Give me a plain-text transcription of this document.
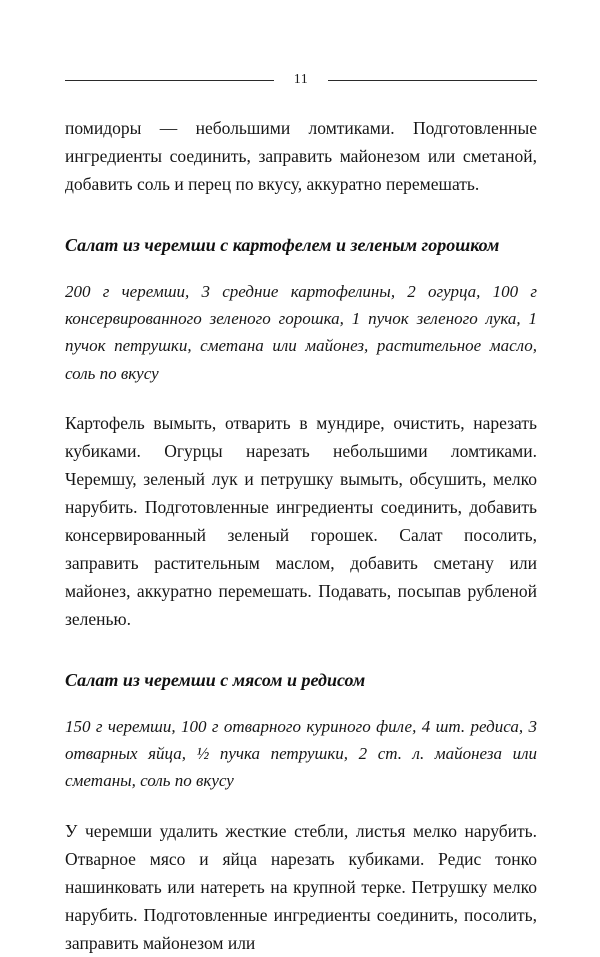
11

помидоры — небольшими ломтиками. Подготовленные ингредиенты соединить, заправить майонезом или сметаной, добавить соль и перец по вкусу, аккуратно перемешать.

Салат из черемши с картофелем и зеленым горошком

200 г черемши, 3 средние картофелины, 2 огурца, 100 г консервированного зеленого горошка, 1 пучок зеленого лука, 1 пучок петрушки, сметана или майонез, растительное масло, соль по вкусу

Картофель вымыть, отварить в мундире, очистить, нарезать кубиками. Огурцы нарезать небольшими ломтиками. Черемшу, зеленый лук и петрушку вымыть, обсушить, мелко нарубить. Подготовленные ингредиенты соединить, добавить консервированный зеленый горошек. Салат посолить, заправить растительным маслом, добавить сметану или майонез, аккуратно перемешать. Подавать, посыпав рубленой зеленью.

Салат из черемши с мясом и редисом

150 г черемши, 100 г отварного куриного филе, 4 шт. редиса, 3 отварных яйца, ½ пучка петрушки, 2 ст. л. майонеза или сметаны, соль по вкусу

У черемши удалить жесткие стебли, листья мелко нарубить. Отварное мясо и яйца нарезать кубиками. Редис тонко нашинковать или натереть на крупной терке. Петрушку мелко нарубить. Подготовленные ингредиенты соединить, посолить, заправить майонезом или
